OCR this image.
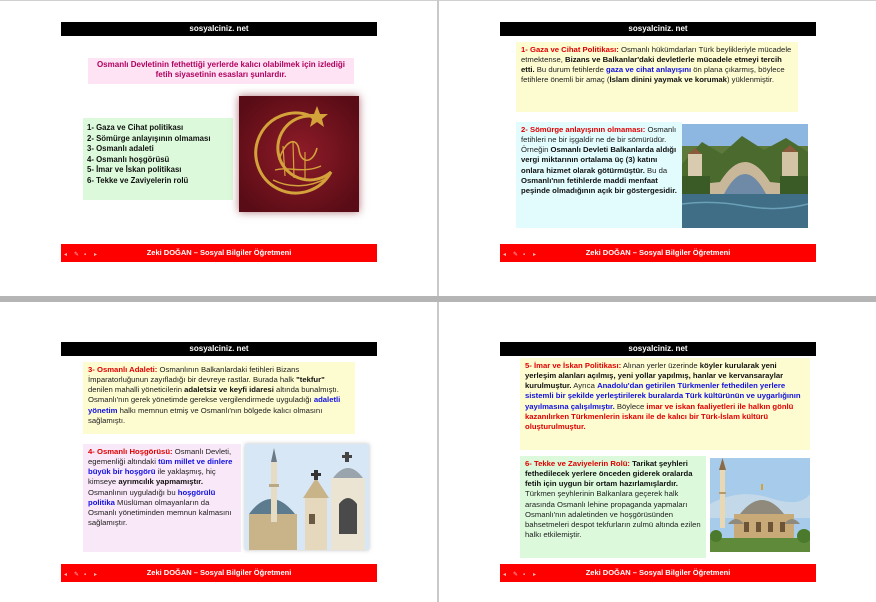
sosyalciniz. net
Osmanlı Devletinin fethettiği yerlerde kalıcı olabilmek için izlediği fetih siyasetinin esasları şunlardır.
1- Gaza ve Cihat politikası
2- Sömürge anlayışının olmaması
3- Osmanlı adaleti
4- Osmanlı hoşgörüsü
5- İmar ve İskan politikası
6- Tekke ve Zaviyelerin rolü
Zeki DOĞAN – Sosyal Bilgiler Öğretmeni
◂	✎ ▪	▸
sosyalciniz. net
1- Gaza ve Cihat Politikası: Osmanlı hükümdarları Türk beylikleriyle mücadele etmektense, Bizans ve Balkanlar'daki devletlerle mücadele etmeyi tercih etti. Bu durum fetihlerde gaza ve cihat anlayışını ön plana çıkarmış, böylece fetihlere önemli bir amaç (İslam dinini yaymak ve korumak) yüklenmiştir.
2- Sömürge anlayışının olmaması: Osmanlı fetihleri ne bir işgaldir ne de bir sömürüdür. Örneğin Osmanlı Devleti Balkanlarda aldığı vergi miktarının ortalama üç (3) katını onlara hizmet olarak götürmüştür. Bu da Osmanlı'nın fetihlerde maddi menfaat peşinde olmadığının açık bir göstergesidir.
Zeki DOĞAN – Sosyal Bilgiler Öğretmeni
◂	✎ ▪	▸
sosyalciniz. net
3- Osmanlı Adaleti: Osmanlının Balkanlardaki fetihleri Bizans İmparatorluğunun zayıfladığı bir devreye rastlar. Burada halk "tekfur" denilen mahalli yöneticilerin adaletsiz ve keyfi idaresi altında bunalmıştı. Osmanlı'nın gerek yönetimde gerekse vergilendirmede uyguladığı adaletli yönetim halkı memnun etmiş ve Osmanlı'nın bölgede kalıcı olmasını sağlamıştı.
4- Osmanlı Hoşgörüsü: Osmanlı Devleti, egemenliği altındaki tüm millet ve dinlere büyük bir hoşgörü ile yaklaşmış, hiç kimseye ayrımcılık yapmamıştır. Osmanlının uyguladığı bu hoşgörülü politika Müslüman olmayanların da Osmanlı yönetiminden memnun kalmasını sağlamıştır.
Zeki DOĞAN – Sosyal Bilgiler Öğretmeni
◂	✎ ▪	▸
sosyalciniz. net
5- İmar ve İskan Politikası: Alınan yerler üzerinde köyler kurularak yeni yerleşim alanları açılmış, yeni yollar yapılmış, hanlar ve kervansaraylar kurulmuştur. Ayrıca Anadolu'dan getirilen Türkmenler fethedilen yerlere sistemli bir şekilde yerleştirilerek buralarda Türk kültürünün ve uygarlığının yayılmasına çalışılmıştır. Böylece imar ve iskan faaliyetleri ile halkın gönlü kazanılırken Türkmenlerin iskanı ile de kalıcı bir Türk-İslam kültürü oluşturulmuştur.
6- Tekke ve Zaviyelerin Rolü: Tarikat şeyhleri fethedilecek yerlere önceden giderek oralarda fetih için uygun bir ortam hazırlamışlardır. Türkmen şeyhlerinin Balkanlara geçerek halk arasında Osmanlı lehine propaganda yapmaları Osmanlı'nın adaletinden ve hoşgörüsünden bahsetmeleri despot tekfurların zulmü altında ezilen halkı etkilemiştir.
Zeki DOĞAN – Sosyal Bilgiler Öğretmeni
◂	✎ ▪	▸
